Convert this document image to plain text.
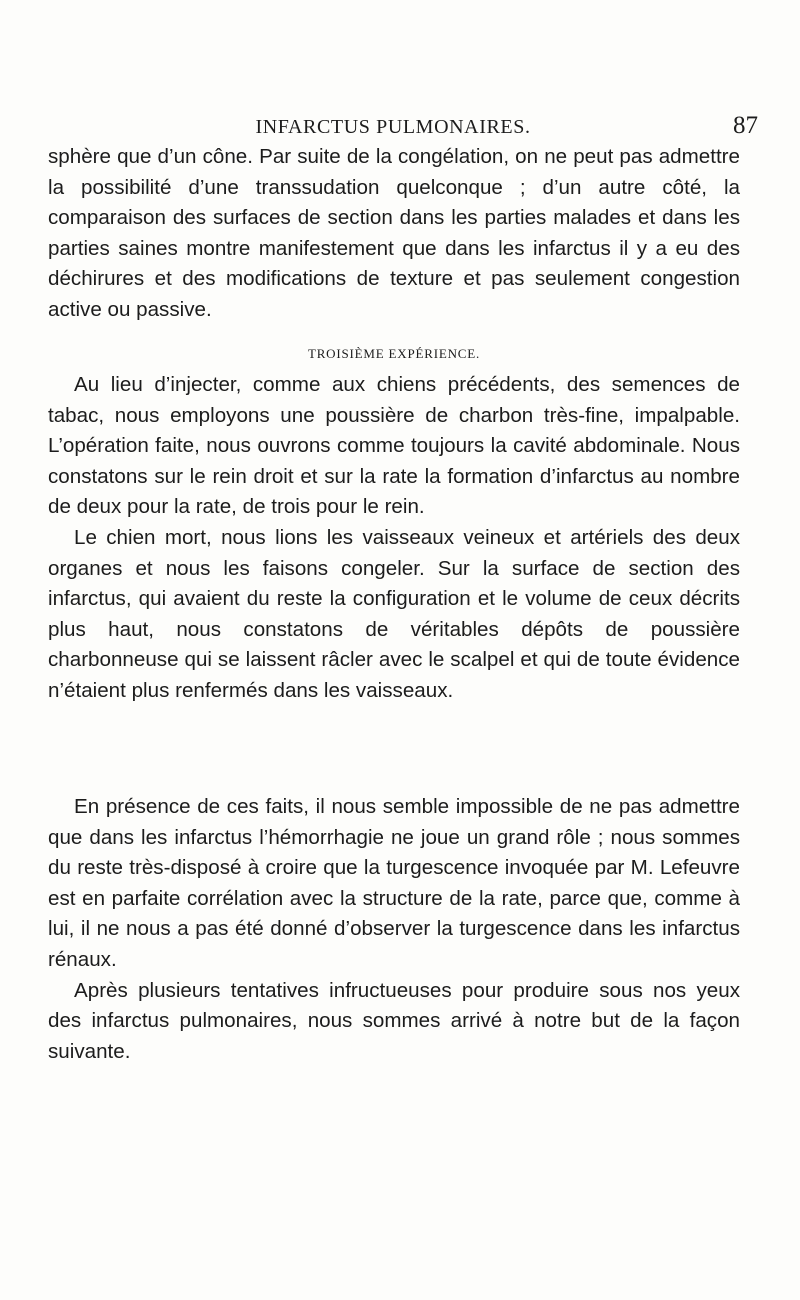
INFARCTUS PULMONAIRES.	87

sphère que d’un cône. Par suite de la congélation, on ne peut pas admettre la possibilité d’une transsudation quelconque ; d’un autre côté, la comparaison des surfaces de section dans les parties malades et dans les parties saines montre manifestement que dans les infarctus il y a eu des déchirures et des modifications de texture et pas seulement congestion active ou passive.

TROISIÈME EXPÉRIENCE.

Au lieu d’injecter, comme aux chiens précédents, des semences de tabac, nous employons une poussière de charbon très-fine, impalpable. L’opération faite, nous ouvrons comme toujours la cavité abdominale. Nous constatons sur le rein droit et sur la rate la formation d’infarctus au nombre de deux pour la rate, de trois pour le rein.

Le chien mort, nous lions les vaisseaux veineux et artériels des deux organes et nous les faisons congeler. Sur la surface de section des infarctus, qui avaient du reste la configuration et le volume de ceux décrits plus haut, nous constatons de véritables dépôts de poussière charbonneuse qui se laissent râcler avec le scalpel et qui de toute évidence n’étaient plus renfermés dans les vaisseaux.

En présence de ces faits, il nous semble impossible de ne pas admettre que dans les infarctus l’hémorrhagie ne joue un grand rôle ; nous sommes du reste très-disposé à croire que la turgescence invoquée par M. Lefeuvre est en parfaite corrélation avec la structure de la rate, parce que, comme à lui, il ne nous a pas été donné d’observer la turgescence dans les infarctus rénaux.

Après plusieurs tentatives infructueuses pour produire sous nos yeux des infarctus pulmonaires, nous sommes arrivé à notre but de la façon suivante.
